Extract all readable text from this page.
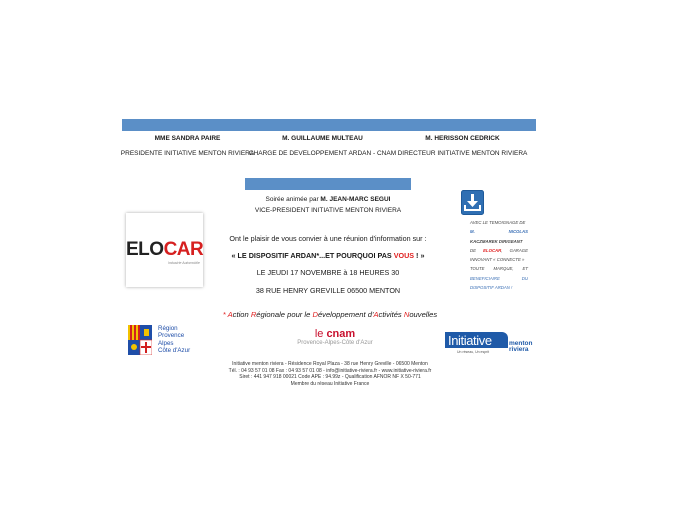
MME SANDRA PAIRE
PRESIDENTE INITIATIVE MENTON RIVIERA
M. GUILLAUME MULTEAU
CHARGE DE DEVELOPPEMENT ARDAN - CNAM
M. HERISSON CEDRICK
DIRECTEUR INITIATIVE MENTON RIVIERA
Soirée animée par M. JEAN-MARC SEGUI
VICE-PRESIDENT INITIATIVE MENTON RIVIERA
ELOCAR
Industrie Automobile
Ont le plaisir de vous convier à une réunion d'information sur :
« LE DISPOSITIF ARDAN*...ET POURQUOI PAS VOUS ! »
LE JEUDI 17 NOVEMBRE à 18 HEURES 30
38 RUE HENRY GREVILLE 06500 MENTON
AVEC LE TEMOIGNAGE DE
M. NICOLAS
KACZMAREK DIRIGEANT
DE ELOCAR, GARAGE
INNOVANT « CONNECTE »
TOUTE MARQUE, ET
BENEFICIAIRE DU
DISPOSITIF ARDAN !
* Action Régionale pour le Développement d'Activités Nouvelles
Région
Provence
Alpes
Côte d'Azur
le cnam
Provence-Alpes-Côte d'Azur	Initiative	menton
riviera
Un réseau, Un esprit
Initiative menton riviera - Résidence Royal Plaza - 38 rue Henry Greville - 06500 Menton
Tél. : 04 93 57 01 08 Fax : 04 93 57 01 08 - info@initiative-riviera.fr - www.initiative-riviera.fr
Siret : 441 947 918 00021 Code APE : 94.99z - Qualification AFNOR NF X 50-771
Membre du réseau Initiative France
